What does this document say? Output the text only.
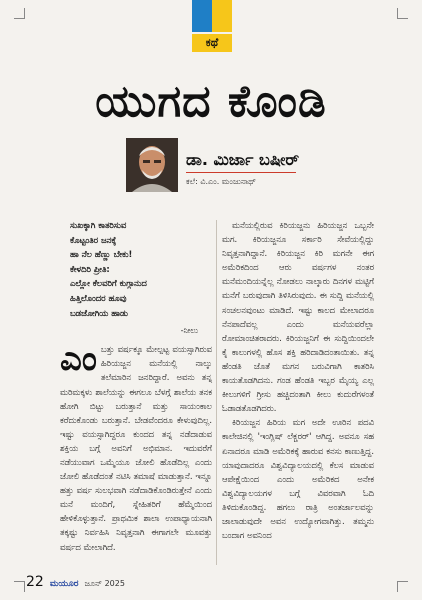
ಕಥೆ
ಯುಗದ ಕೊಂಡಿ
ಡಾ. ಮಿರ್ಜಾ ಬಷೀರ್
ಕಲೆ: ವಿ.ಎಂ. ಮಂಜುನಾಥ್

ಸುಖಕ್ಕಾಗಿ ಕಾತರಿಸುವ

ಕೊಟ್ಟಂತಿರ ಜನಕ್ಕೆ

ಹಾ ನೆಲ ಹೆಣ್ಣು ಬೇಕು!

ಕೇಳದಿರಿ ಪ್ರೀತಿ:

ಎಲ್ಲೋ ಕೆಲವರಿಗೆ ಕುಗ್ಗಾನುದ

ಹಿತ್ತಿಲೊಂದರ ಹೂವು

ಬಡಜೋಗಿಯ ಹಾಡು

-ನೀಲು
ಎಂ ಬತ್ತು ವರ್ಷಕ್ಕೂ ಮೇಲ್ಪಟ್ಟ ವಯಸ್ಸಾಗಿರುವ ಹಿರಿಯಜ್ಜನ ಮನೆಯಲ್ಲಿ ನಾಲ್ಕು ತಲೆಮಾರಿನ ಜನರಿದ್ದಾರೆ. ಅವನು ತನ್ನ ಮರಿಮಕ್ಕಳು ಶಾಲೆಯನ್ನು ಈಗಲೂ ಬೆಳಗ್ಗೆ ಶಾಲೆಯ ತನಕ ಹೋಗಿ ಬಿಟ್ಟು ಬರುತ್ತಾನೆ ಮತ್ತು ಸಾಯಂಕಾಲ ಕರೆದುಕೊಂಡು ಬರುತ್ತಾನೆ. ಬೇಡವೆಂದರೂ ಕೇಳುವುದಿಲ್ಲ. ಇಷ್ಟು ವಯಸ್ಸಾಗಿದ್ದರೂ ಕುಂದದ ತನ್ನ ನಡೆದಾಡುವ ಶಕ್ತಿಯ ಬಗ್ಗೆ ಅವನಿಗೆ ಅಭಿಮಾನ. ಇದುವರೆಗೆ ನಡೆಯುವಾಗ ಒಮ್ಮೆಯೂ ಜೋಲಿ ಹೊಡೆದಿಲ್ಲ ಎಂದು ಜೋಲಿ ಹೊಡೆದಂತೆ ನಟಿಸಿ ತಮಾಷೆ ಮಾಡುತ್ತಾನೆ. ಇನ್ನೂ ಹತ್ತು ವರ್ಷ ಸುಲಭವಾಗಿ ನಡೆದಾಡಿಕೊಂಡಿರುತ್ತೇನೆ ಎಂದು ಮನೆ ಮಂದಿಗೆ, ಸ್ನೇಹಿತರಿಗೆ ಹೆಮ್ಮೆಯಿಂದ ಹೇಳಿಕೊಳ್ಳುತ್ತಾನೆ. ಪ್ರಾಥಮಿಕ ಶಾಲಾ ಉಪಾಧ್ಯಾಯನಾಗಿ ತಕ್ಕಷ್ಟು ನಿರ್ವಹಿಸಿ ನಿವೃತ್ತನಾಗಿ ಈಗಾಗಲೇ ಮೂವತ್ತು ವರ್ಷದ ಮೇಲಾಗಿದೆ.

ಮನೆಯಲ್ಲಿರುವ ಕಿರಿಯಜ್ಜನು ಹಿರಿಯಜ್ಜನ ಒಬ್ಬನೇ ಮಗ. ಕಿರಿಯಜ್ಜನೂ ಸರ್ಕಾರಿ ಸೇವೆಯಲ್ಲಿದ್ದು ನಿವೃತ್ತನಾಗಿದ್ದಾನೆ. ಕಿರಿಯಜ್ಜನ ಕಿರಿ ಮಗನೇ ಈಗ ಅಮೆರಿಕದಿಂದ ಆರು ವರ್ಷಗಳ ನಂತರ ಮನೆಮಂದಿಯನ್ನೆಲ್ಲ ನೋಡಲು ನಾಲ್ಕಾರು ದಿನಗಳ ಮಟ್ಟಿಗೆ ಮನೆಗೆ ಬರುವುದಾಗಿ ತಿಳಿಸಿರುವುದು. ಈ ಸುದ್ದಿ ಮನೆಯಲ್ಲಿ ಸಂಚಲನವುಂಟು ಮಾಡಿದೆ. ಇಷ್ಟು ಕಾಲದ ಮೇಲಾದರೂ ನೆನಪಾದೆವಲ್ಲ ಎಂದು ಮನೆಯವರೆಲ್ಲಾ ರೋಮಾಂಚಿತರಾದರು. ಕಿರಿಯಜ್ಜನಿಗೆ ಈ ಸುದ್ದಿಯಿಂದಲೇ ಕೈ ಕಾಲುಗಳಲ್ಲಿ ಹೊಸ ಶಕ್ತಿ ಹರಿದಾಡಿದಂತಾಯಿತು. ತನ್ನ ಹೆಂಡತಿ ಜೊತೆ ಮಗನ ಬರುವಿಗಾಗಿ ಕಾತರಿಸಿ ಕಾಯತೊಡಗಿದನು. ಗಂಡ ಹೆಂಡತಿ ಇಬ್ಬರ ಮೈಯ್ಯ ಎಲ್ಲ ಕೀಲುಗಳಿಗೆ ಗ್ರೀಸು ಹಚ್ಚಿದಂತಾಗಿ ಕೀಲು ಕುದುರೆಗಳಂತೆ ಓಡಾಡತೊಡಗಿದರು.

ಕಿರಿಯಜ್ಜನ ಹಿರಿಯ ಮಗ ಅದೇ ಊರಿನ ಪದವಿ ಕಾಲೇಜಿನಲ್ಲಿ 'ಇಂಗ್ಲಿಷ್ ಲೆಕ್ಚರರ್' ಆಗಿದ್ದ. ಅವನೂ ಸಹ ಏನಾದರೂ ಮಾಡಿ ಅಮೆರಿಕಕ್ಕೆ ಹಾರುವ ಕನಸು ಕಾಣುತ್ತಿದ್ದ. ಯಾವುದಾದರೂ ವಿಶ್ವವಿದ್ಯಾಲಯದಲ್ಲಿ ಕೆಲಸ ಮಾಡುವ ಆಪೇಕ್ಷೆಯಿಂದ ಎಂದು ಅಮೆರಿಕದ ಅನೇಕ ವಿಶ್ವವಿದ್ಯಾಲಯಗಳ ಬಗ್ಗೆ ವಿವರವಾಗಿ ಓದಿ ತಿಳಿದುಕೊಂಡಿದ್ದ. ಹಗಲು ರಾತ್ರಿ ಅಂತರ್ಜಾಲವನ್ನು ಜಾಲಾಡುವುದೇ ಅವನ ಉದ್ಯೋಗವಾಗಿತ್ತು. ತಮ್ಮನು ಬಂದಾಗ ಅವನಿಂದ

22 ಮಯೂರ ಜೂನ್ 2025
